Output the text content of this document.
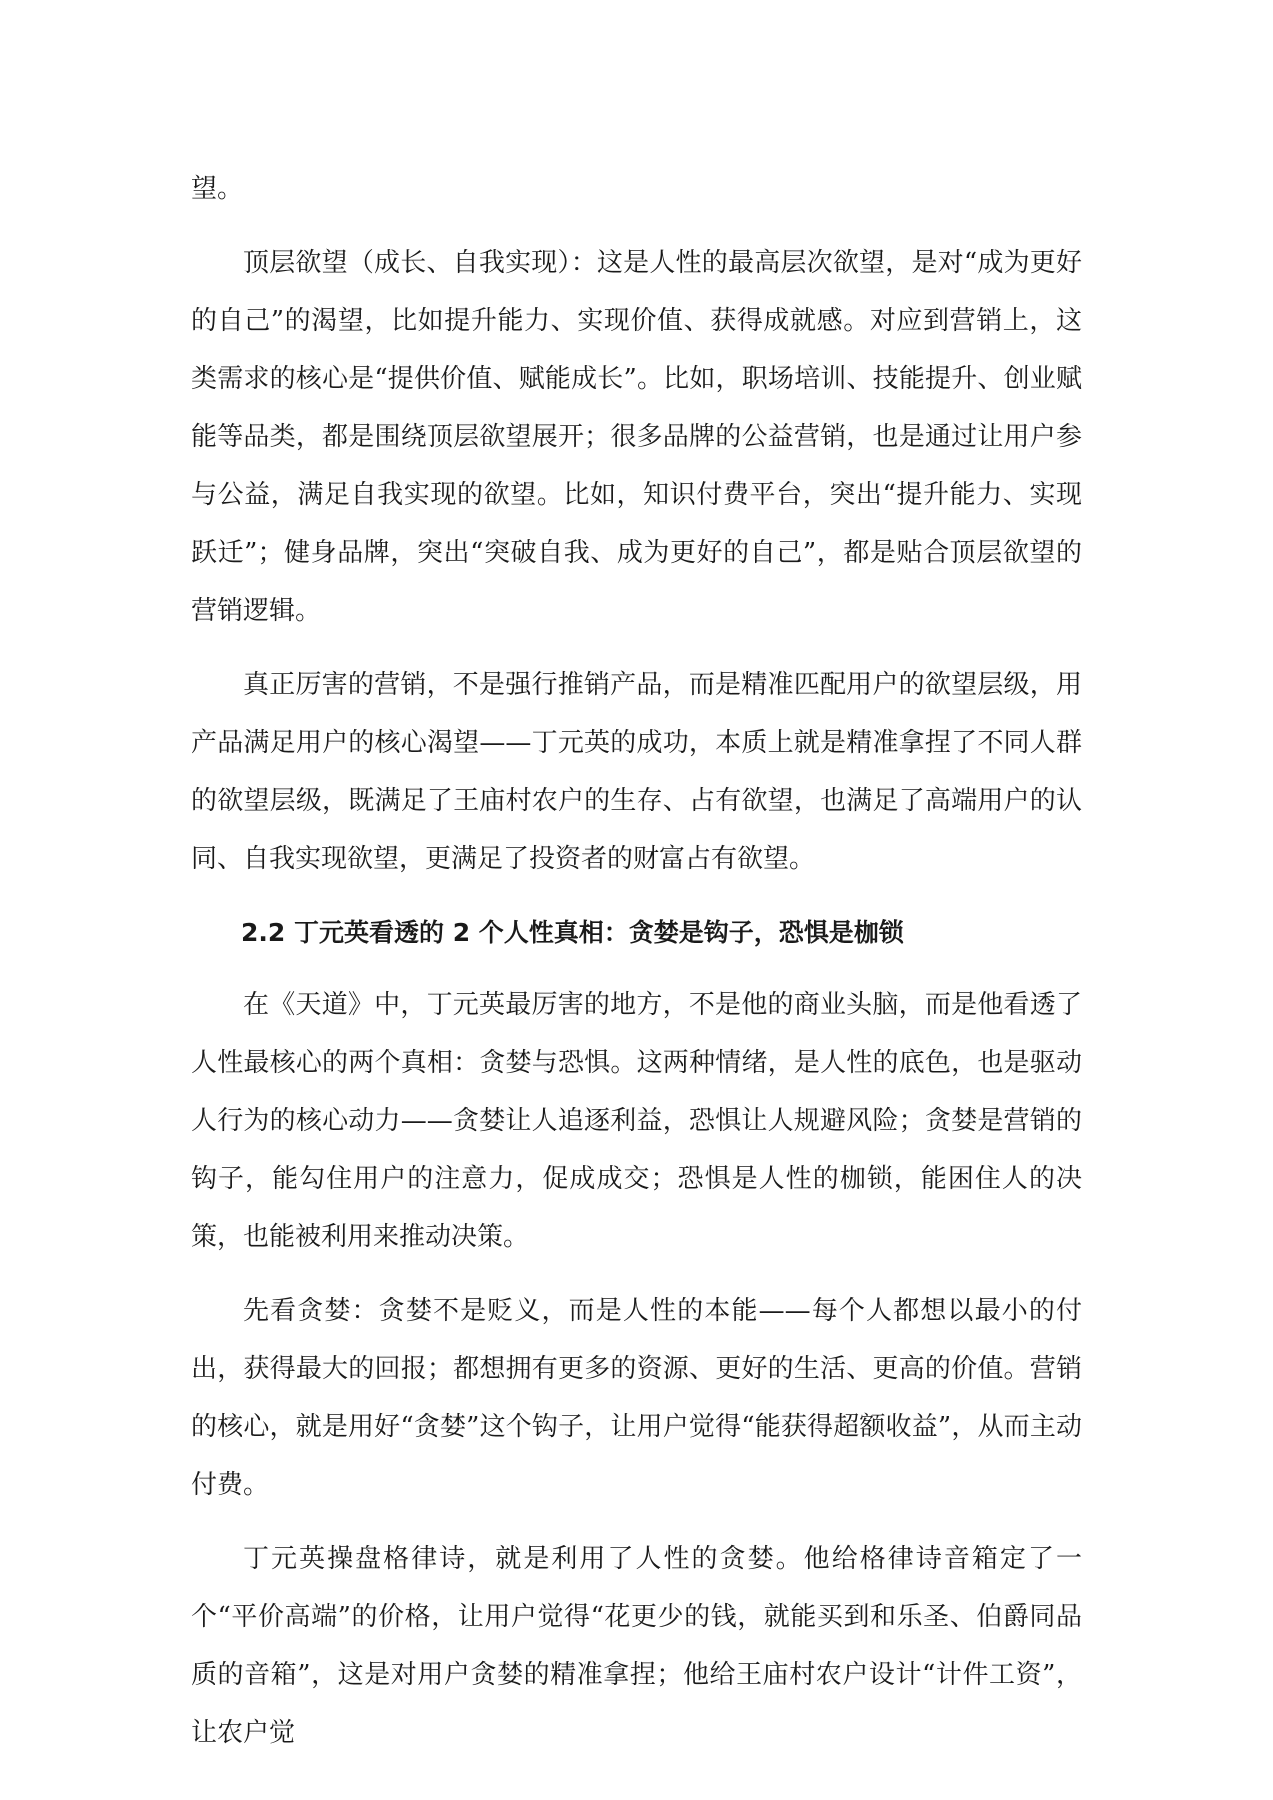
望。

顶层欲望（成长、自我实现）：这是人性的最高层次欲望，是对“成为更好的自己”的渴望，比如提升能力、实现价值、获得成就感。对应到营销上，这类需求的核心是“提供价值、赋能成长”。比如，职场培训、技能提升、创业赋能等品类，都是围绕顶层欲望展开；很多品牌的公益营销，也是通过让用户参与公益，满足自我实现的欲望。比如，知识付费平台，突出“提升能力、实现跃迁”；健身品牌，突出“突破自我、成为更好的自己”，都是贴合顶层欲望的营销逻辑。

真正厉害的营销，不是强行推销产品，而是精准匹配用户的欲望层级，用产品满足用户的核心渴望——丁元英的成功，本质上就是精准拿捏了不同人群的欲望层级，既满足了王庙村农户的生存、占有欲望，也满足了高端用户的认同、自我实现欲望，更满足了投资者的财富占有欲望。

2.2 丁元英看透的 2 个人性真相：贪婪是钩子，恐惧是枷锁

在《天道》中，丁元英最厉害的地方，不是他的商业头脑，而是他看透了人性最核心的两个真相：贪婪与恐惧。这两种情绪，是人性的底色，也是驱动人行为的核心动力——贪婪让人追逐利益，恐惧让人规避风险；贪婪是营销的钩子，能勾住用户的注意力，促成成交；恐惧是人性的枷锁，能困住人的决策，也能被利用来推动决策。

先看贪婪：贪婪不是贬义，而是人性的本能——每个人都想以最小的付出，获得最大的回报；都想拥有更多的资源、更好的生活、更高的价值。营销的核心，就是用好“贪婪”这个钩子，让用户觉得“能获得超额收益”，从而主动付费。

丁元英操盘格律诗，就是利用了人性的贪婪。他给格律诗音箱定了一个“平价高端”的价格，让用户觉得“花更少的钱，就能买到和乐圣、伯爵同品质的音箱”，这是对用户贪婪的精准拿捏；他给王庙村农户设计“计件工资”，让农户觉
